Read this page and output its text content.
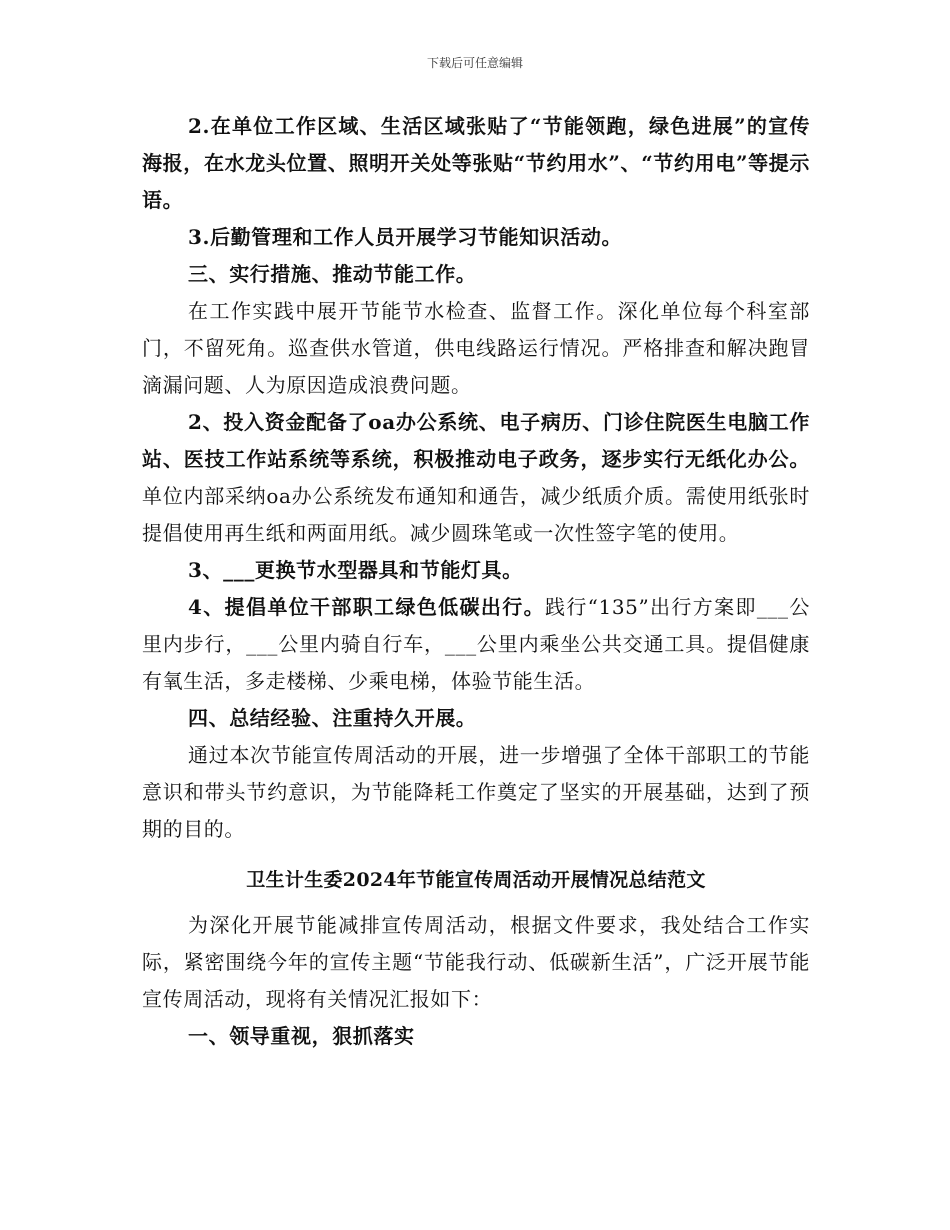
下载后可任意编辑

2.在单位工作区域、生活区域张贴了“节能领跑，绿色进展”的宣传海报，在水龙头位置、照明开关处等张贴“节约用水”、“节约用电”等提示语。

3.后勤管理和工作人员开展学习节能知识活动。

三、实行措施、推动节能工作。

在工作实践中展开节能节水检查、监督工作。深化单位每个科室部门，不留死角。巡查供水管道，供电线路运行情况。严格排查和解决跑冒滴漏问题、人为原因造成浪费问题。

2、投入资金配备了oa办公系统、电子病历、门诊住院医生电脑工作站、医技工作站系统等系统，积极推动电子政务，逐步实行无纸化办公。单位内部采纳oa办公系统发布通知和通告，减少纸质介质。需使用纸张时提倡使用再生纸和两面用纸。减少圆珠笔或一次性签字笔的使用。

3、___更换节水型器具和节能灯具。

4、提倡单位干部职工绿色低碳出行。践行“135”出行方案即___公里内步行，___公里内骑自行车，___公里内乘坐公共交通工具。提倡健康有氧生活，多走楼梯、少乘电梯，体验节能生活。

四、总结经验、注重持久开展。

通过本次节能宣传周活动的开展，进一步增强了全体干部职工的节能意识和带头节约意识，为节能降耗工作奠定了坚实的开展基础，达到了预期的目的。

卫生计生委2024年节能宣传周活动开展情况总结范文

为深化开展节能减排宣传周活动，根据文件要求，我处结合工作实际，紧密围绕今年的宣传主题“节能我行动、低碳新生活”，广泛开展节能宣传周活动，现将有关情况汇报如下：

一、领导重视，狠抓落实
